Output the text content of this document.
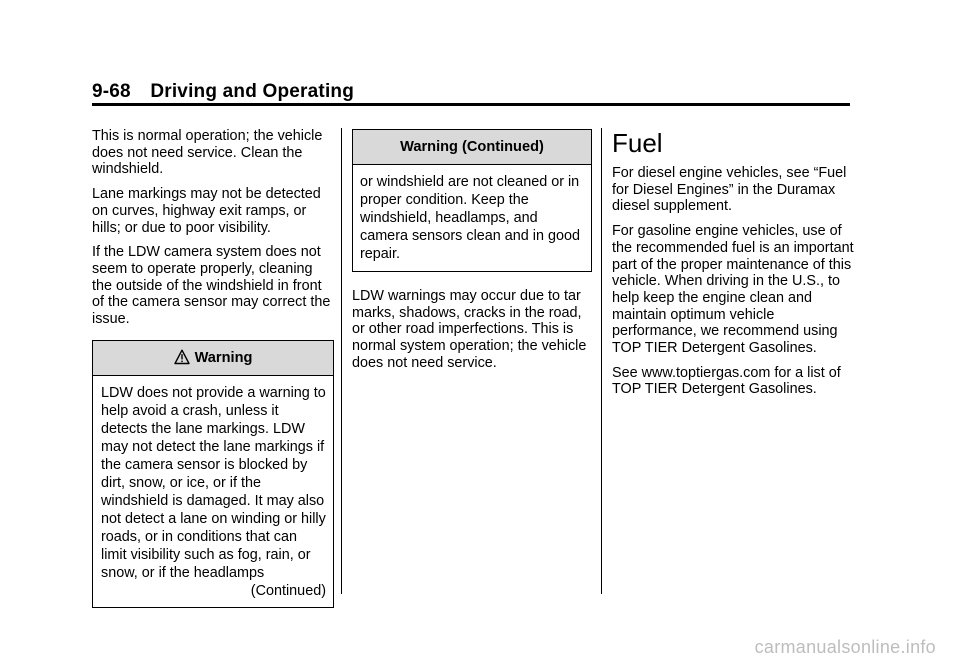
9-68 Driving and Operating

This is normal operation; the vehicle does not need service. Clean the windshield.

Lane markings may not be detected on curves, highway exit ramps, or hills; or due to poor visibility.

If the LDW camera system does not seem to operate properly, cleaning the outside of the windshield in front of the camera sensor may correct the issue.

Warning
LDW does not provide a warning to help avoid a crash, unless it detects the lane markings. LDW may not detect the lane markings if the camera sensor is blocked by dirt, snow, or ice, or if the windshield is damaged. It may also not detect a lane on winding or hilly roads, or in conditions that can limit visibility such as fog, rain, or snow, or if the headlamps
(Continued)
Warning (Continued)
or windshield are not cleaned or in proper condition. Keep the windshield, headlamps, and camera sensors clean and in good repair.

LDW warnings may occur due to tar marks, shadows, cracks in the road, or other road imperfections. This is normal system operation; the vehicle does not need service.

Fuel

For diesel engine vehicles, see “Fuel for Diesel Engines” in the Duramax diesel supplement.

For gasoline engine vehicles, use of the recommended fuel is an important part of the proper maintenance of this vehicle. When driving in the U.S., to help keep the engine clean and maintain optimum vehicle performance, we recommend using TOP TIER Detergent Gasolines.

See www.toptiergas.com for a list of TOP TIER Detergent Gasolines.

carmanualsonline.info
